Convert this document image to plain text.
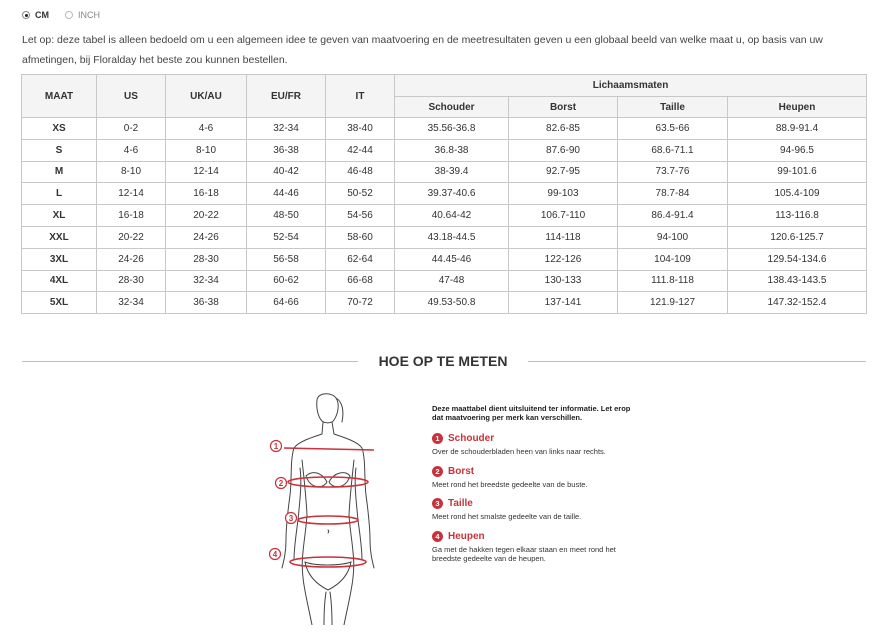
CM	INCH
Let op: deze tabel is alleen bedoeld om u een algemeen idee te geven van maatvoering en de meetresultaten geven u een globaal beeld van welke maat u, op basis van uw afmetingen, bij Floralday het beste zou kunnen bestellen.
MAAT	US	UK/AU	EU/FR	IT	Lichaamsmaten			
					Schouder	Borst	Taille	Heupen
XS	0-2	4-6	32-34	38-40	35.56-36.8	82.6-85	63.5-66	88.9-91.4
S	4-6	8-10	36-38	42-44	36.8-38	87.6-90	68.6-71.1	94-96.5
M	8-10	12-14	40-42	46-48	38-39.4	92.7-95	73.7-76	99-101.6
L	12-14	16-18	44-46	50-52	39.37-40.6	99-103	78.7-84	105.4-109
XL	16-18	20-22	48-50	54-56	40.64-42	106.7-110	86.4-91.4	113-116.8
XXL	20-22	24-26	52-54	58-60	43.18-44.5	114-118	94-100	120.6-125.7
3XL	24-26	28-30	56-58	62-64	44.45-46	122-126	104-109	129.54-134.6
4XL	28-30	32-34	60-62	66-68	47-48	130-133	111.8-118	138.43-143.5
5XL	32-34	36-38	64-66	70-72	49.53-50.8	137-141	121.9-127	147.32-152.4
HOE OP TE METEN
1
2
3
4
Deze maattabel dient uitsluitend ter informatie. Let erop dat maatvoering per merk kan verschillen.
1 Schouder
Over de schouderbladen heen van links naar rechts.
2 Borst
Meet rond het breedste gedeelte van de buste.
3 Taille
Meet rond het smalste gedeelte van de taille.
4 Heupen
Ga met de hakken tegen elkaar staan en meet rond het breedste gedeelte van de heupen.
